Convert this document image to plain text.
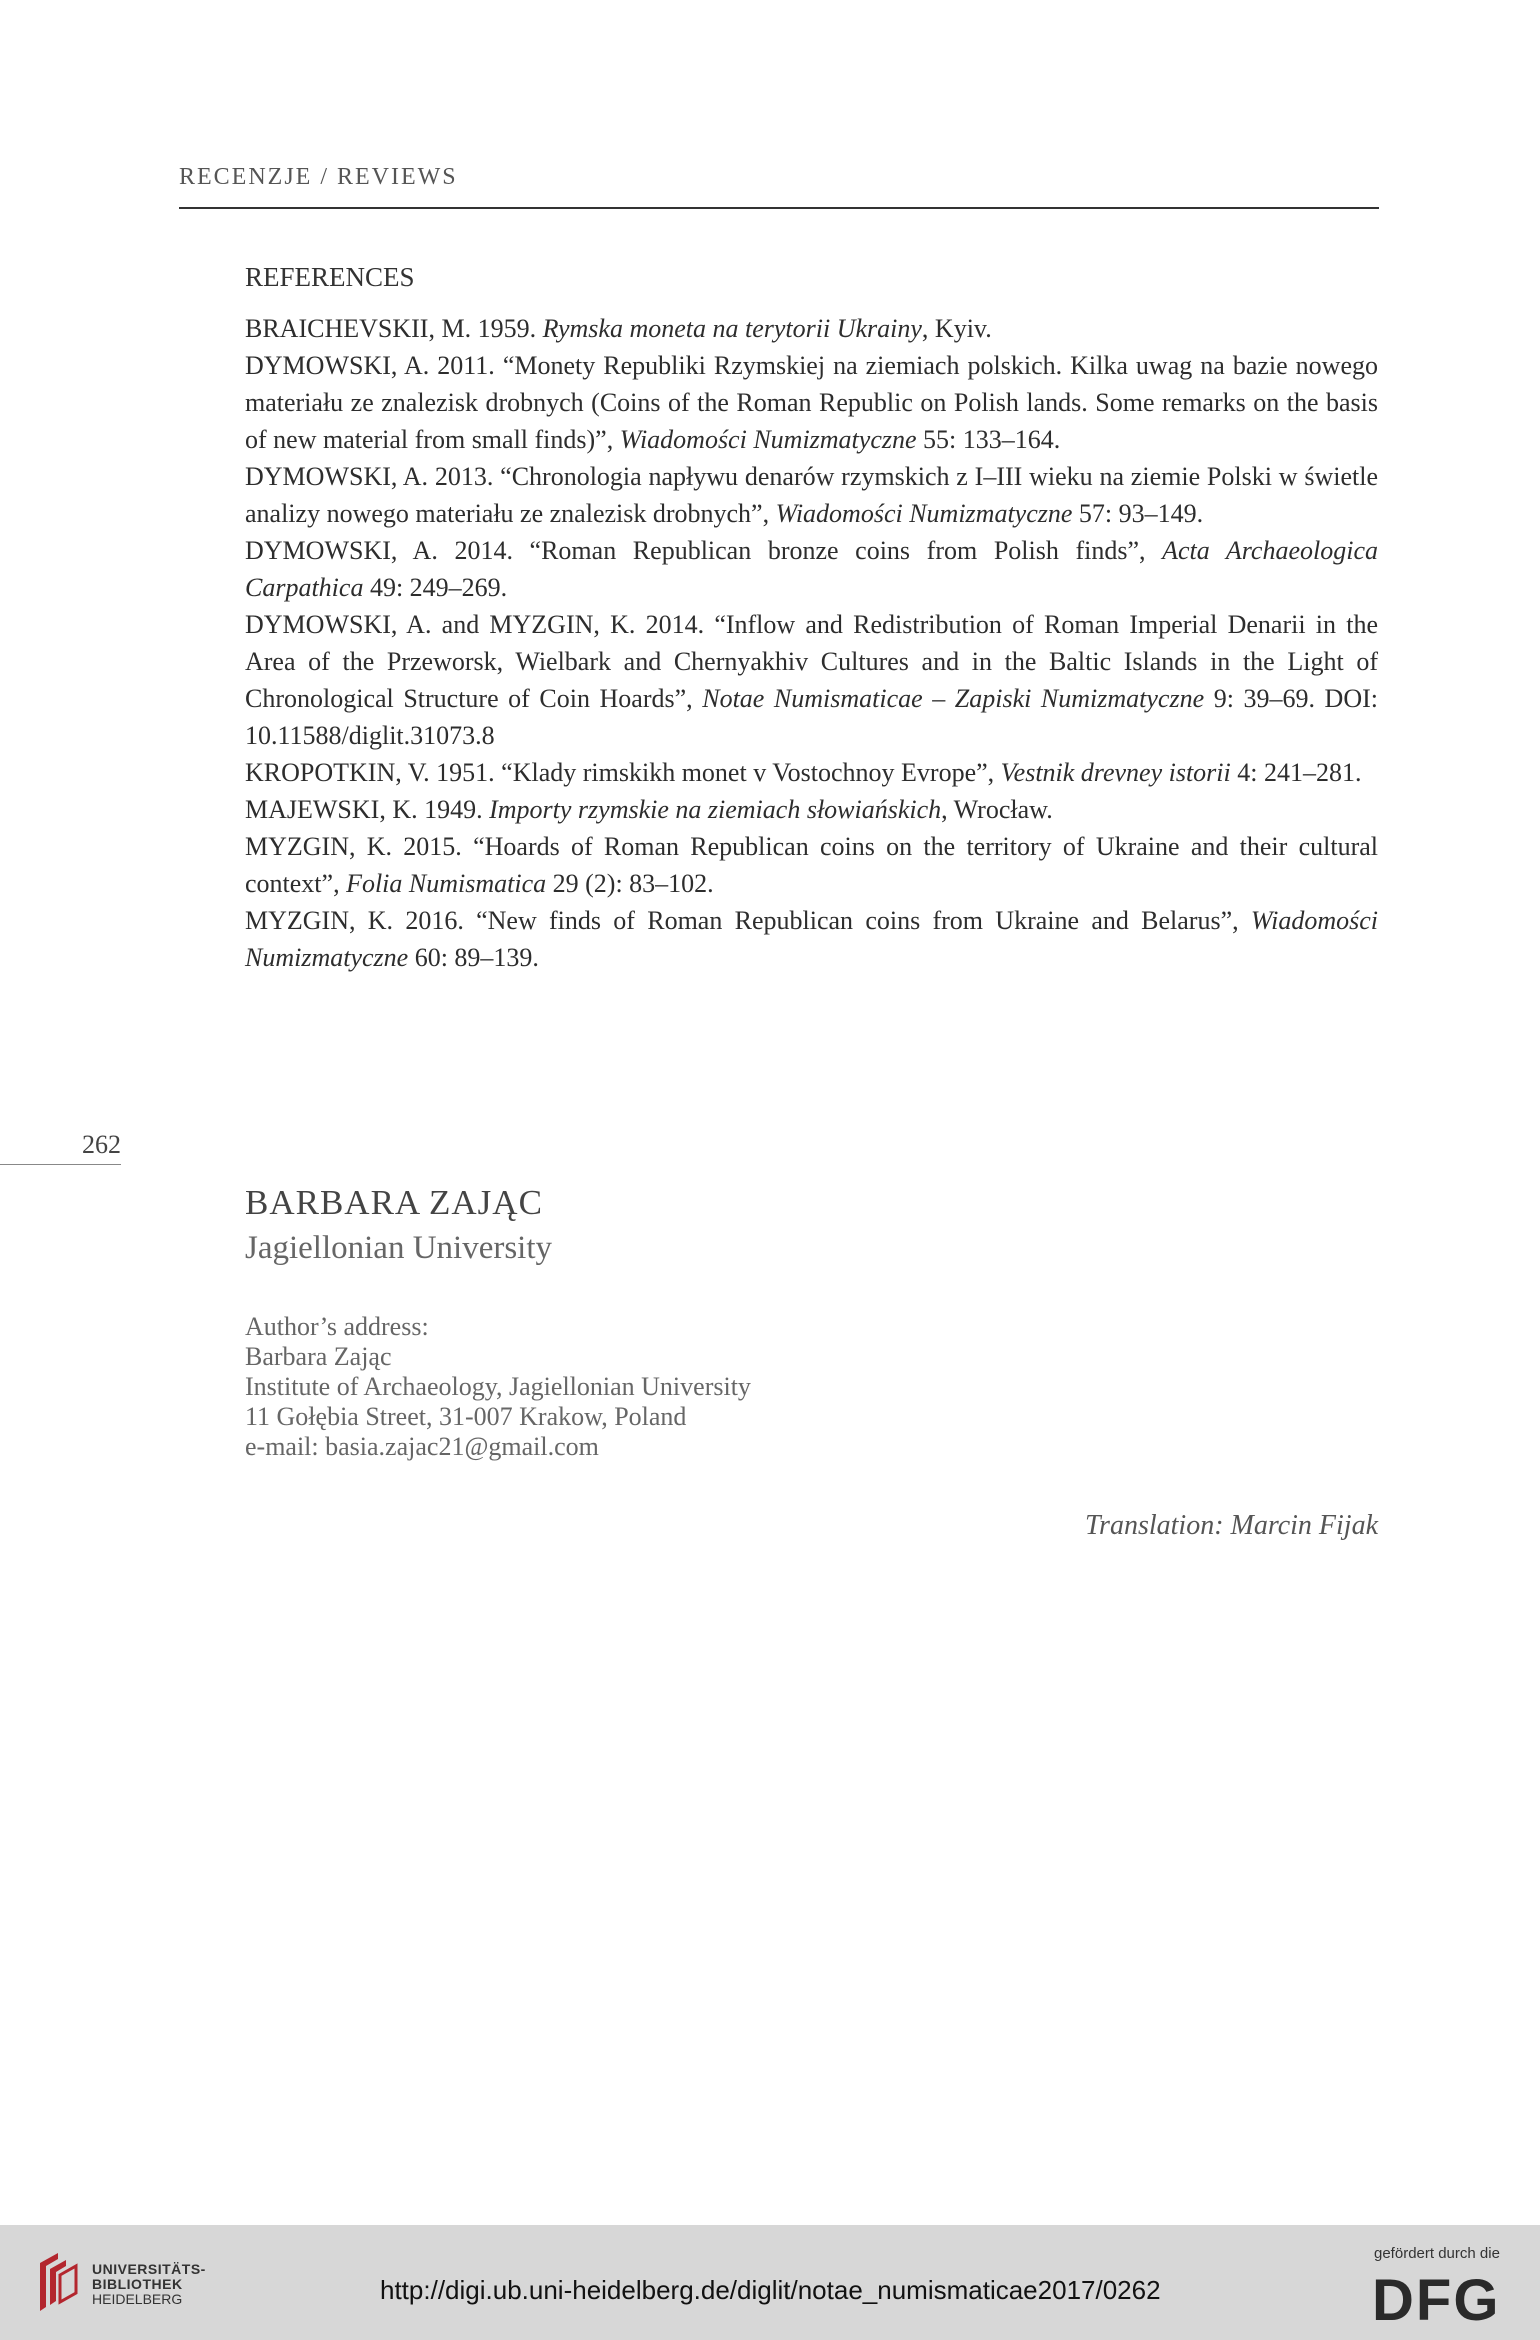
RECENZJE / REVIEWS
REFERENCES

BRAICHEVSKII, M. 1959. Rymska moneta na terytorii Ukrainy, Kyiv.

DYMOWSKI, A. 2011. “Monety Republiki Rzymskiej na ziemiach polskich. Kilka uwag na bazie nowego materiału ze znalezisk drobnych (Coins of the Roman Republic on Polish lands. Some remarks on the basis of new material from small finds)”, Wiadomości Numizmatyczne 55: 133–164.

DYMOWSKI, A. 2013. “Chronologia napływu denarów rzymskich z I–III wieku na ziemie Polski w świetle analizy nowego materiału ze znalezisk drobnych”, Wiadomości Numizmatyczne 57: 93–149.

DYMOWSKI, A. 2014. “Roman Republican bronze coins from Polish finds”, Acta Archaeologica Carpathica 49: 249–269.

DYMOWSKI, A. and MYZGIN, K. 2014. “Inflow and Redistribution of Roman Imperial Denarii in the Area of the Przeworsk, Wielbark and Chernyakhiv Cultures and in the Baltic Islands in the Light of Chronological Structure of Coin Hoards”, Notae Numismaticae – Zapiski Numizmatyczne 9: 39–69. DOI: 10.11588/diglit.31073.8

KROPOTKIN, V. 1951. “Klady rimskikh monet v Vostochnoy Evrope”, Vestnik drevney istorii 4: 241–281.

MAJEWSKI, K. 1949. Importy rzymskie na ziemiach słowiańskich, Wrocław.

MYZGIN, K. 2015. “Hoards of Roman Republican coins on the territory of Ukraine and their cultural context”, Folia Numismatica 29 (2): 83–102.

MYZGIN, K. 2016. “New finds of Roman Republican coins from Ukraine and Belarus”, Wiadomości Numizmatyczne 60: 89–139.

262
BARBARA ZAJĄC
Jagiellonian University
Author’s address:
Barbara Zając
Institute of Archaeology, Jagiellonian University
11 Gołębia Street, 31-007 Krakow, Poland
e-mail: basia.zajac21@gmail.com
Translation: Marcin Fijak
UNIVERSITÄTS-
BIBLIOTHEK
HEIDELBERG	http://digi.ub.uni-heidelberg.de/diglit/notae_numismaticae2017/0262
gefördert durch die
DFG
